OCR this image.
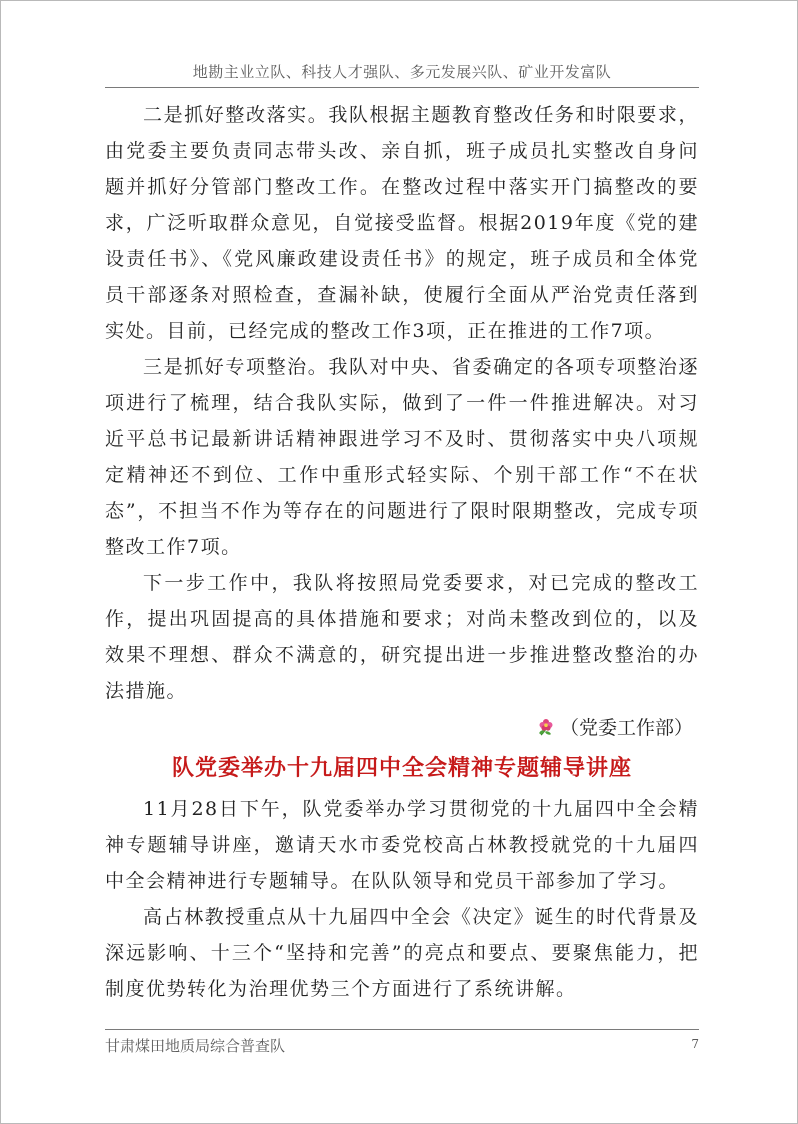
地勘主业立队、科技人才强队、多元发展兴队、矿业开发富队

二是抓好整改落实。我队根据主题教育整改任务和时限要求，由党委主要负责同志带头改、亲自抓，班子成员扎实整改自身问题并抓好分管部门整改工作。在整改过程中落实开门搞整改的要求，广泛听取群众意见，自觉接受监督。根据2019年度《党的建设责任书》、《党风廉政建设责任书》的规定，班子成员和全体党员干部逐条对照检查，查漏补缺，使履行全面从严治党责任落到实处。目前，已经完成的整改工作3项，正在推进的工作7项。

三是抓好专项整治。我队对中央、省委确定的各项专项整治逐项进行了梳理，结合我队实际，做到了一件一件推进解决。对习近平总书记最新讲话精神跟进学习不及时、贯彻落实中央八项规定精神还不到位、工作中重形式轻实际、个别干部工作“不在状态”，不担当不作为等存在的问题进行了限时限期整改，完成专项整改工作7项。

下一步工作中，我队将按照局党委要求，对已完成的整改工作，提出巩固提高的具体措施和要求；对尚未整改到位的，以及效果不理想、群众不满意的，研究提出进一步推进整改整治的办法措施。

（党委工作部）

队党委举办十九届四中全会精神专题辅导讲座

11月28日下午，队党委举办学习贯彻党的十九届四中全会精神专题辅导讲座，邀请天水市委党校高占林教授就党的十九届四中全会精神进行专题辅导。在队队领导和党员干部参加了学习。

高占林教授重点从十九届四中全会《决定》诞生的时代背景及深远影响、十三个“坚持和完善”的亮点和要点、要聚焦能力，把制度优势转化为治理优势三个方面进行了系统讲解。

甘肃煤田地质局综合普查队	7
